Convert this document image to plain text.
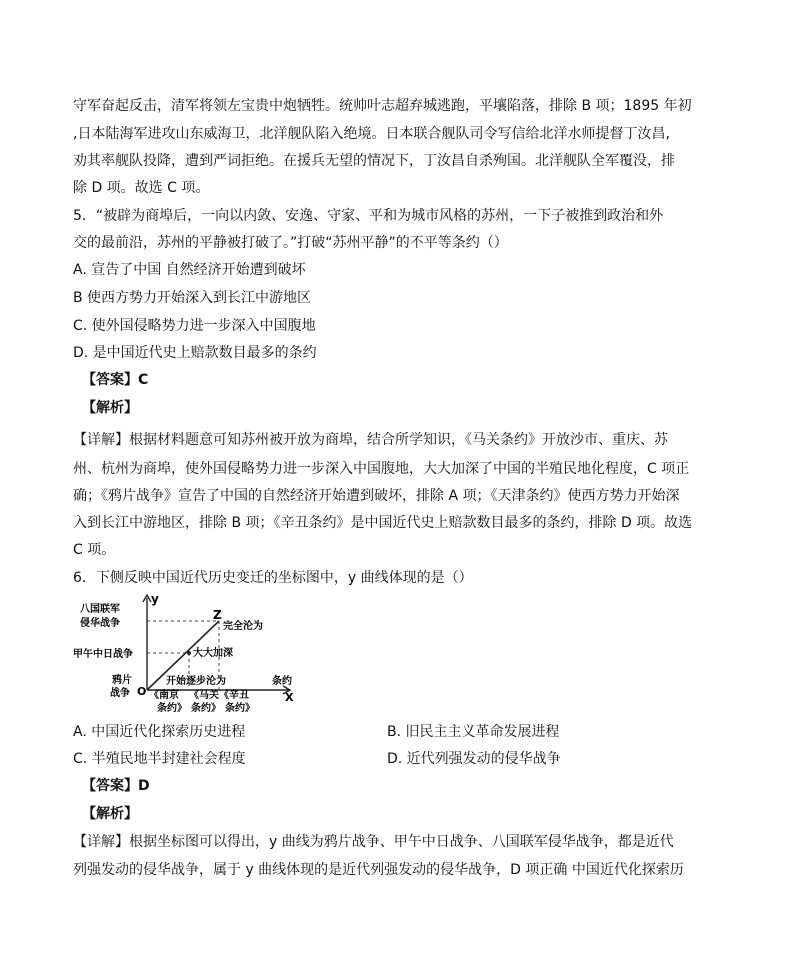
守军奋起反击，清军将领左宝贵中炮牺牲。统帅叶志超弃城逃跑，平壤陷落，排除 B 项；1895 年初
,日本陆海军进攻山东威海卫，北洋舰队陷入绝境。日本联合舰队司令写信给北洋水师提督丁汝昌,
劝其率舰队投降，遭到严词拒绝。在援兵无望的情况下，丁汝昌自杀殉国。北洋舰队全军覆没，排
除 D 项。故选 C 项。
5．“被辟为商埠后，一向以内敛、安逸、守家、平和为城市风格的苏州，一下子被推到政治和外
交的最前沿，苏州的平静被打破了。”打破“苏州平静”的不平等条约（）
A. 宣告了中国 自然经济开始遭到破坏
B 使西方势力开始深入到长江中游地区
C. 使外国侵略势力进一步深入中国腹地
D. 是中国近代史上赔款数目最多的条约
【答案】C
【解析】
【详解】根据材料题意可知苏州被开放为商埠，结合所学知识，《马关条约》开放沙市、重庆、苏
州、杭州为商埠，使外国侵略势力进一步深入中国腹地，大大加深了中国的半殖民地化程度，C 项正
确；《鸦片战争》宣告了中国的自然经济开始遭到破坏，排除 A 项；《天津条约》使西方势力开始深
入到长江中游地区，排除 B 项；《辛丑条约》是中国近代史上赔款数目最多的条约，排除 D 项。故选
C 项。
6．下侧反映中国近代历史变迁的坐标图中，y 曲线体现的是（）
y
Z
O	X
八国联军
侵华战争
甲午中日战争
鸦片
战争
完全沦为
大大加深
开始逐步沦为	条约
《南京
条约》
《马关
条约》
《辛丑
条约》
A. 中国近代化探索历史进程	B. 旧民主主义革命发展进程
C. 半殖民地半封建社会程度	D. 近代列强发动的侵华战争
【答案】D
【解析】
【详解】根据坐标图可以得出，y 曲线为鸦片战争、甲午中日战争、八国联军侵华战争，都是近代
列强发动的侵华战争，属于 y 曲线体现的是近代列强发动的侵华战争，D 项正确 中国近代化探索历
